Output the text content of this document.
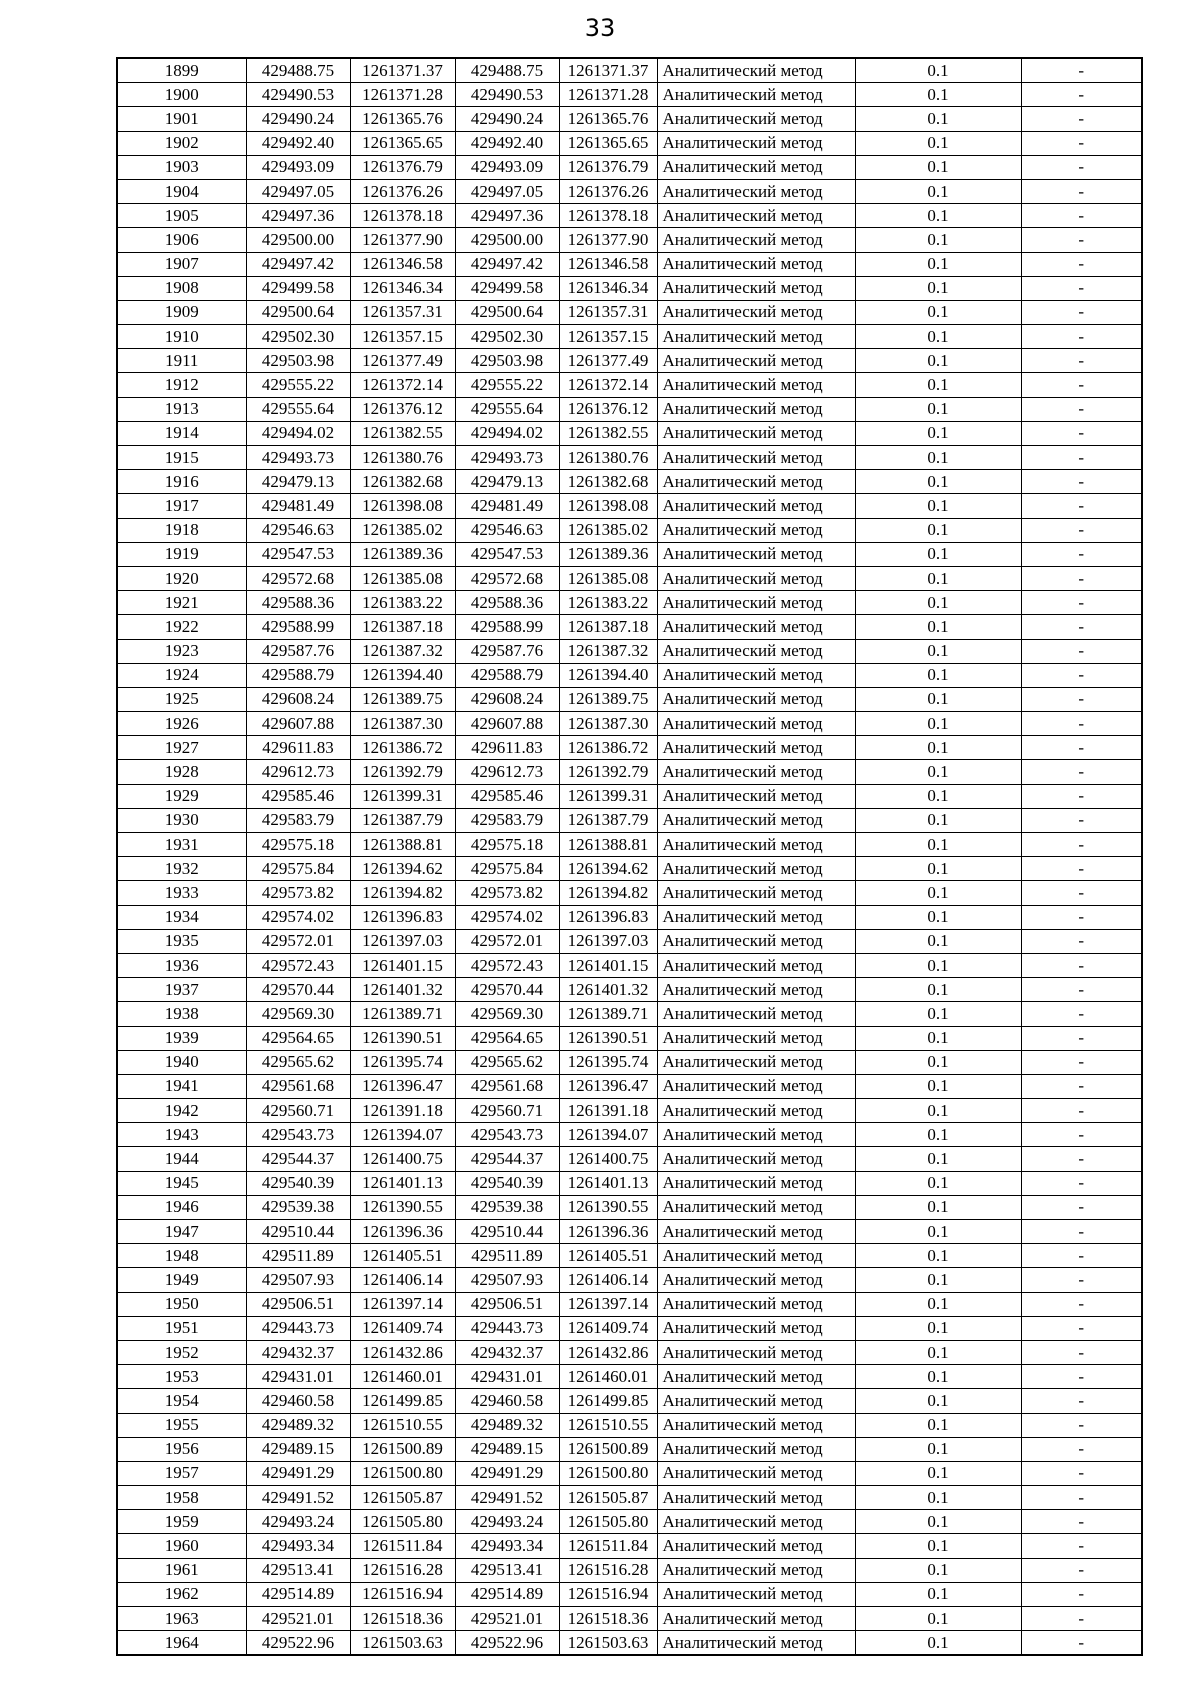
33
1899	429488.75	1261371.37	429488.75	1261371.37	Аналитический метод	0.1	-
1900	429490.53	1261371.28	429490.53	1261371.28	Аналитический метод	0.1	-
1901	429490.24	1261365.76	429490.24	1261365.76	Аналитический метод	0.1	-
1902	429492.40	1261365.65	429492.40	1261365.65	Аналитический метод	0.1	-
1903	429493.09	1261376.79	429493.09	1261376.79	Аналитический метод	0.1	-
1904	429497.05	1261376.26	429497.05	1261376.26	Аналитический метод	0.1	-
1905	429497.36	1261378.18	429497.36	1261378.18	Аналитический метод	0.1	-
1906	429500.00	1261377.90	429500.00	1261377.90	Аналитический метод	0.1	-
1907	429497.42	1261346.58	429497.42	1261346.58	Аналитический метод	0.1	-
1908	429499.58	1261346.34	429499.58	1261346.34	Аналитический метод	0.1	-
1909	429500.64	1261357.31	429500.64	1261357.31	Аналитический метод	0.1	-
1910	429502.30	1261357.15	429502.30	1261357.15	Аналитический метод	0.1	-
1911	429503.98	1261377.49	429503.98	1261377.49	Аналитический метод	0.1	-
1912	429555.22	1261372.14	429555.22	1261372.14	Аналитический метод	0.1	-
1913	429555.64	1261376.12	429555.64	1261376.12	Аналитический метод	0.1	-
1914	429494.02	1261382.55	429494.02	1261382.55	Аналитический метод	0.1	-
1915	429493.73	1261380.76	429493.73	1261380.76	Аналитический метод	0.1	-
1916	429479.13	1261382.68	429479.13	1261382.68	Аналитический метод	0.1	-
1917	429481.49	1261398.08	429481.49	1261398.08	Аналитический метод	0.1	-
1918	429546.63	1261385.02	429546.63	1261385.02	Аналитический метод	0.1	-
1919	429547.53	1261389.36	429547.53	1261389.36	Аналитический метод	0.1	-
1920	429572.68	1261385.08	429572.68	1261385.08	Аналитический метод	0.1	-
1921	429588.36	1261383.22	429588.36	1261383.22	Аналитический метод	0.1	-
1922	429588.99	1261387.18	429588.99	1261387.18	Аналитический метод	0.1	-
1923	429587.76	1261387.32	429587.76	1261387.32	Аналитический метод	0.1	-
1924	429588.79	1261394.40	429588.79	1261394.40	Аналитический метод	0.1	-
1925	429608.24	1261389.75	429608.24	1261389.75	Аналитический метод	0.1	-
1926	429607.88	1261387.30	429607.88	1261387.30	Аналитический метод	0.1	-
1927	429611.83	1261386.72	429611.83	1261386.72	Аналитический метод	0.1	-
1928	429612.73	1261392.79	429612.73	1261392.79	Аналитический метод	0.1	-
1929	429585.46	1261399.31	429585.46	1261399.31	Аналитический метод	0.1	-
1930	429583.79	1261387.79	429583.79	1261387.79	Аналитический метод	0.1	-
1931	429575.18	1261388.81	429575.18	1261388.81	Аналитический метод	0.1	-
1932	429575.84	1261394.62	429575.84	1261394.62	Аналитический метод	0.1	-
1933	429573.82	1261394.82	429573.82	1261394.82	Аналитический метод	0.1	-
1934	429574.02	1261396.83	429574.02	1261396.83	Аналитический метод	0.1	-
1935	429572.01	1261397.03	429572.01	1261397.03	Аналитический метод	0.1	-
1936	429572.43	1261401.15	429572.43	1261401.15	Аналитический метод	0.1	-
1937	429570.44	1261401.32	429570.44	1261401.32	Аналитический метод	0.1	-
1938	429569.30	1261389.71	429569.30	1261389.71	Аналитический метод	0.1	-
1939	429564.65	1261390.51	429564.65	1261390.51	Аналитический метод	0.1	-
1940	429565.62	1261395.74	429565.62	1261395.74	Аналитический метод	0.1	-
1941	429561.68	1261396.47	429561.68	1261396.47	Аналитический метод	0.1	-
1942	429560.71	1261391.18	429560.71	1261391.18	Аналитический метод	0.1	-
1943	429543.73	1261394.07	429543.73	1261394.07	Аналитический метод	0.1	-
1944	429544.37	1261400.75	429544.37	1261400.75	Аналитический метод	0.1	-
1945	429540.39	1261401.13	429540.39	1261401.13	Аналитический метод	0.1	-
1946	429539.38	1261390.55	429539.38	1261390.55	Аналитический метод	0.1	-
1947	429510.44	1261396.36	429510.44	1261396.36	Аналитический метод	0.1	-
1948	429511.89	1261405.51	429511.89	1261405.51	Аналитический метод	0.1	-
1949	429507.93	1261406.14	429507.93	1261406.14	Аналитический метод	0.1	-
1950	429506.51	1261397.14	429506.51	1261397.14	Аналитический метод	0.1	-
1951	429443.73	1261409.74	429443.73	1261409.74	Аналитический метод	0.1	-
1952	429432.37	1261432.86	429432.37	1261432.86	Аналитический метод	0.1	-
1953	429431.01	1261460.01	429431.01	1261460.01	Аналитический метод	0.1	-
1954	429460.58	1261499.85	429460.58	1261499.85	Аналитический метод	0.1	-
1955	429489.32	1261510.55	429489.32	1261510.55	Аналитический метод	0.1	-
1956	429489.15	1261500.89	429489.15	1261500.89	Аналитический метод	0.1	-
1957	429491.29	1261500.80	429491.29	1261500.80	Аналитический метод	0.1	-
1958	429491.52	1261505.87	429491.52	1261505.87	Аналитический метод	0.1	-
1959	429493.24	1261505.80	429493.24	1261505.80	Аналитический метод	0.1	-
1960	429493.34	1261511.84	429493.34	1261511.84	Аналитический метод	0.1	-
1961	429513.41	1261516.28	429513.41	1261516.28	Аналитический метод	0.1	-
1962	429514.89	1261516.94	429514.89	1261516.94	Аналитический метод	0.1	-
1963	429521.01	1261518.36	429521.01	1261518.36	Аналитический метод	0.1	-
1964	429522.96	1261503.63	429522.96	1261503.63	Аналитический метод	0.1	-
